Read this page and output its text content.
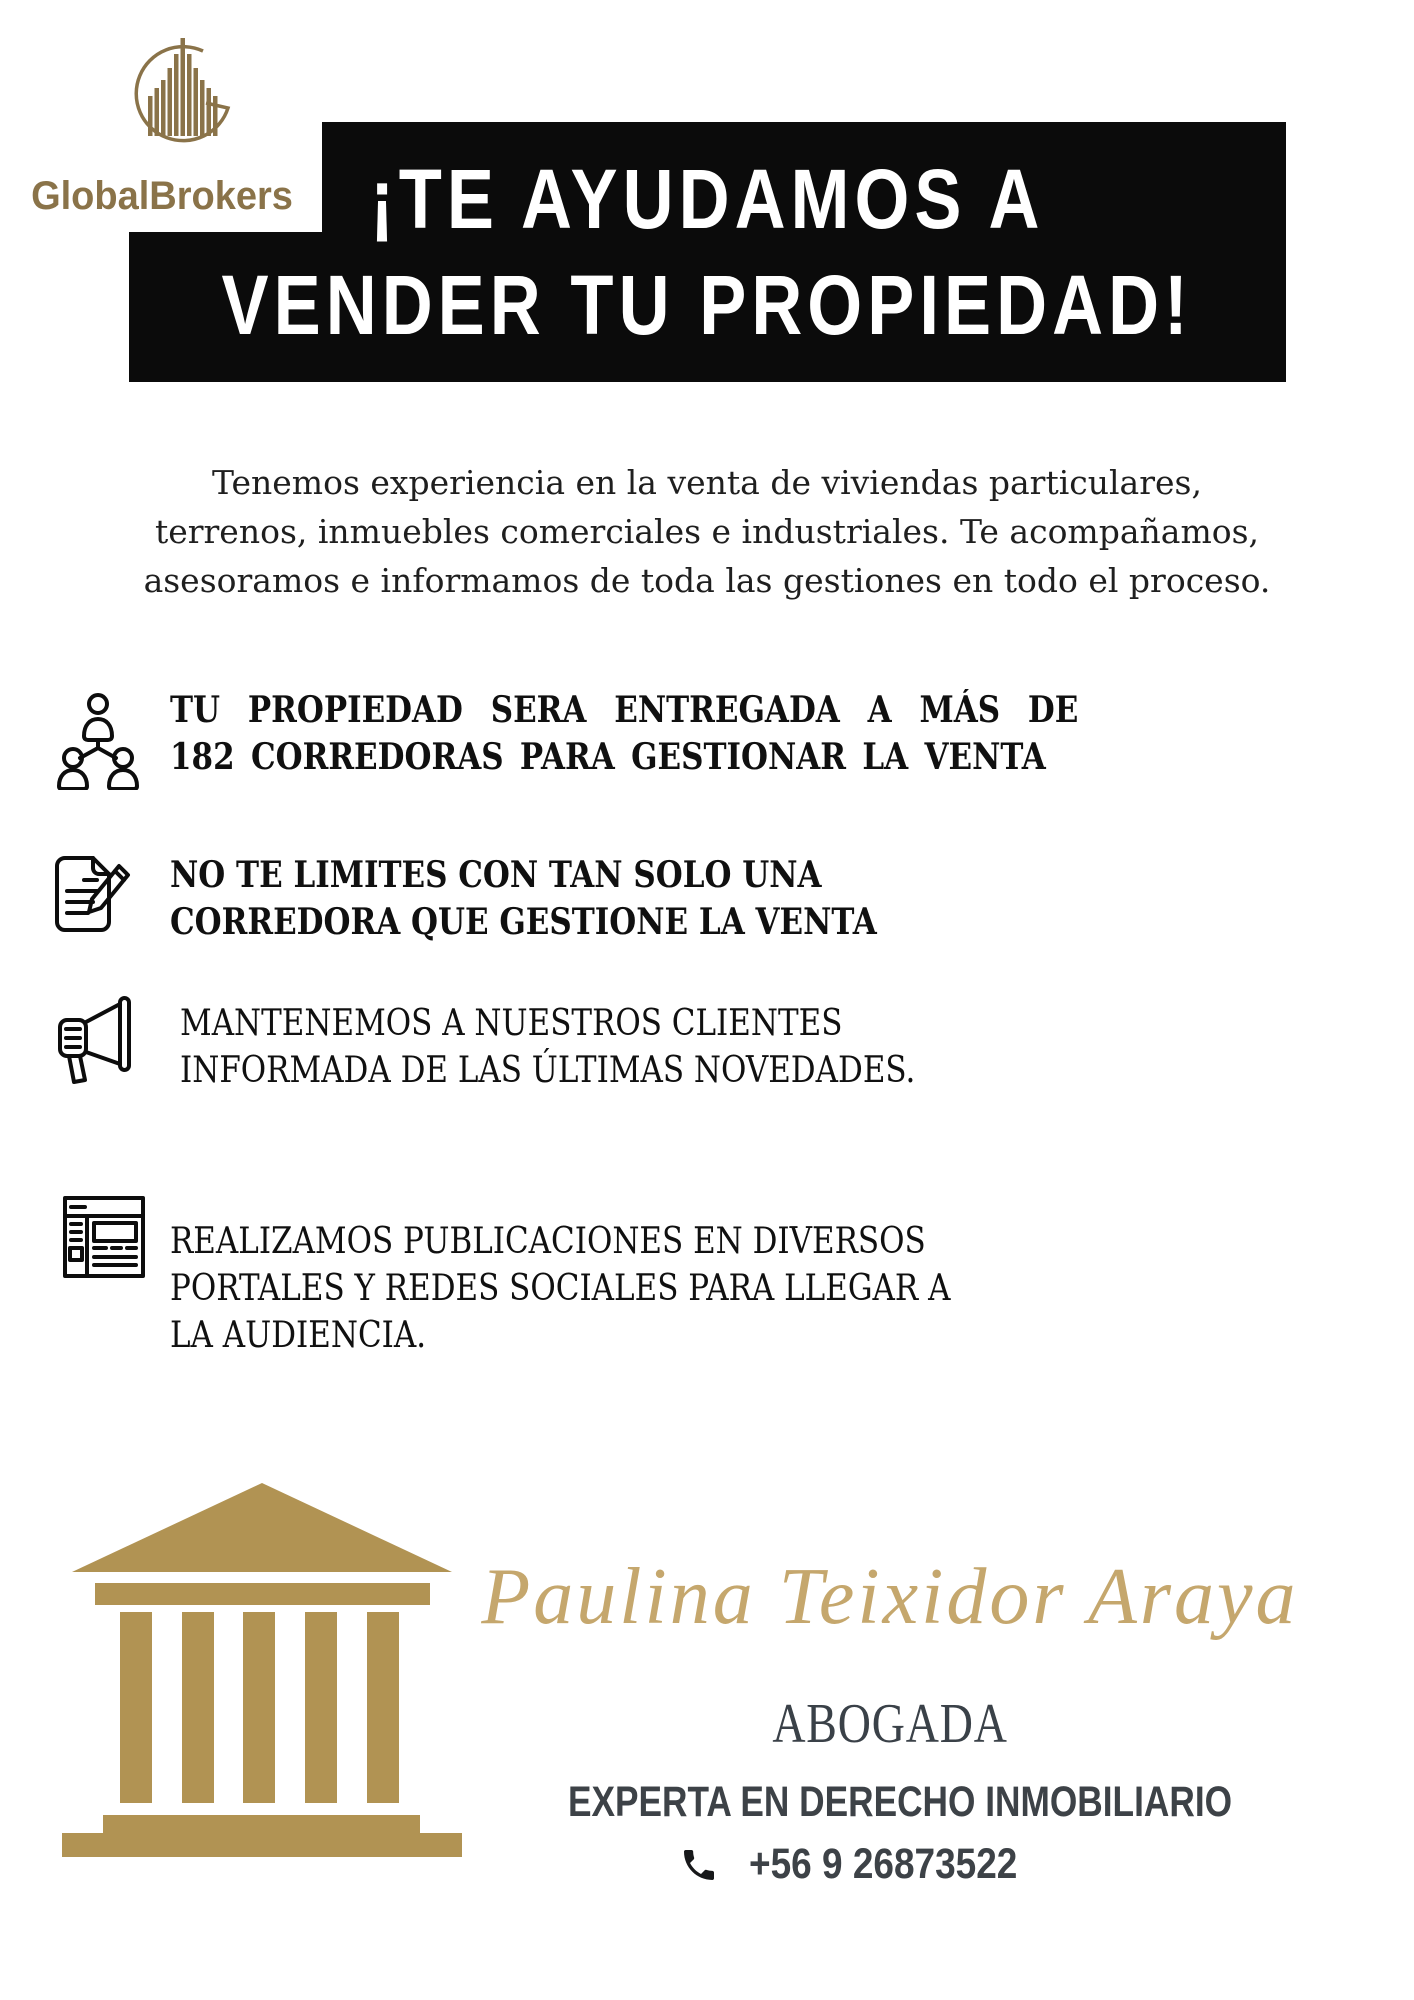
¡TE AYUDAMOS A
VENDER TU PROPIEDAD!
GlobalBrokers
Tenemos experiencia en la venta de viviendas particulares,
terrenos, inmuebles comerciales e industriales. Te acompañamos,
asesoramos e informamos de toda las gestiones en todo el proceso.
TU PROPIEDAD SERA ENTREGADA A MÁS DE
182 CORREDORAS PARA GESTIONAR LA VENTA
NO TE LIMITES CON TAN SOLO UNA
CORREDORA QUE GESTIONE LA VENTA
MANTENEMOS A NUESTROS CLIENTES
INFORMADA DE LAS ÚLTIMAS NOVEDADES.
REALIZAMOS PUBLICACIONES EN DIVERSOS
PORTALES Y REDES SOCIALES PARA LLEGAR A
LA AUDIENCIA.
Paulina Teixidor Araya
ABOGADA
EXPERTA EN DERECHO INMOBILIARIO
+56 9 26873522
